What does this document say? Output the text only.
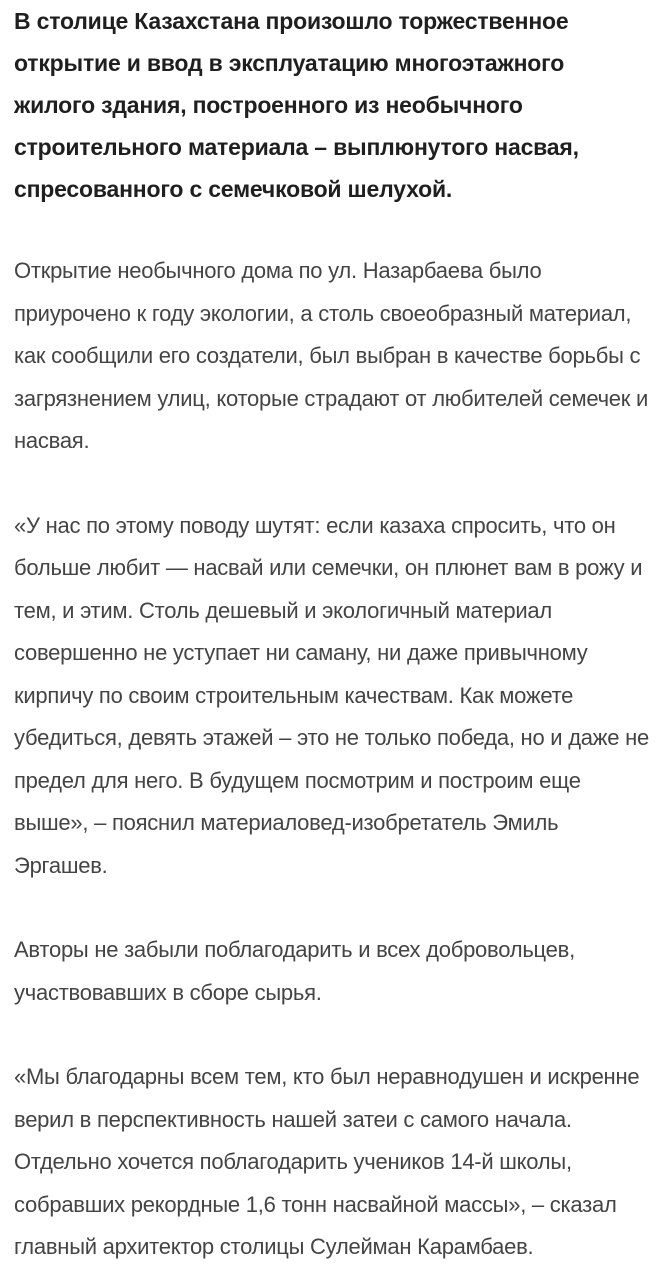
В столице Казахстана произошло торжественное открытие и ввод в эксплуатацию многоэтажного жилого здания, построенного из необычного строительного материала – выплюнутого насвая, спресованного с семечковой шелухой.

Открытие необычного дома по ул. Назарбаева было приурочено к году экологии, а столь своеобразный материал, как сообщили его создатели, был выбран в качестве борьбы с загрязнением улиц, которые страдают от любителей семечек и насвая.

«У нас по этому поводу шутят: если казаха спросить, что он больше любит — насвай или семечки, он плюнет вам в рожу и тем, и этим. Столь дешевый и экологичный материал совершенно не уступает ни саману, ни даже привычному кирпичу по своим строительным качествам. Как можете убедиться, девять этажей – это не только победа, но и даже не предел для него. В будущем посмотрим и построим еще выше», – пояснил материаловед-изобретатель Эмиль Эргашев.

Авторы не забыли поблагодарить и всех добровольцев, участвовавших в сборе сырья.

«Мы благодарны всем тем, кто был неравнодушен и искренне верил в перспективность нашей затеи с самого начала. Отдельно хочется поблагодарить учеников 14-й школы, собравших рекордные 1,6 тонн насвайной массы», – сказал главный архитектор столицы Сулейман Карамбаев.
